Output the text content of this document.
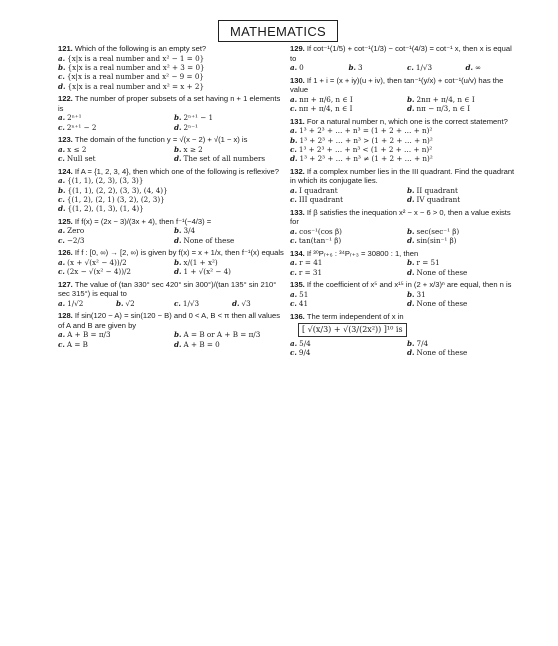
MATHEMATICS
121. Which of the following is an empty set?
a. {x|x is a real number and x² − 1 = 0}
b. {x|x is a real number and x² + 3 = 0}
c. {x|x is a real number and x² − 9 = 0}
d. {x|x is a real number and x² = x + 2}
122. The number of proper subsets of a set having n + 1 elements is
a. 2ⁿ⁺¹	b. 2ⁿ⁺¹ − 1
c. 2ⁿ⁺¹ − 2	d. 2ⁿ⁻¹
123. The domain of the function y = √(x − 2) + √(1 − x) is
a. x ≤ 2	b. x ≥ 2
c. Null set	d. The set of all numbers
124. If A = {1, 2, 3, 4}, then which one of the following is reflexive?
a. {(1, 1), (2, 3), (3, 3)}
b. {(1, 1), (2, 2), (3, 3), (4, 4)}
c. {(1, 2), (2, 1) (3, 2), (2, 3)}
d. {(1, 2), (1, 3), (1, 4)}
125. If f(x) = (2x − 3)/(3x + 4), then f⁻¹(−4/3) =
a. Zero	b. 3/4
c. −2/3	d. None of these
126. If f : [0, ∞) → [2, ∞) is given by f(x) = x + 1/x, then f⁻¹(x) equals
a. (x + √(x² − 4))/2	b. x/(1 + x²)
c. (2x − √(x² − 4))/2	d. 1 + √(x² − 4)
127. The value of (tan 330° sec 420° sin 300°)/(tan 135° sin 210° sec 315°) is equal to
a. 1/√2	b. √2	c. 1/√3	d. √3
128. If sin(120 − A) = sin(120 − B) and 0 < A, B < π then all values of A and B are given by
a. A + B = π/3	b. A = B or A + B = π/3
c. A = B	d. A + B = 0
129. If cot⁻¹(1/5) + cot⁻¹(1/3) − cot⁻¹(4/3) = cot⁻¹ x, then x is equal to
a. 0	b. 3	c. 1/√3	d. ∞
130. If 1 + i = (x + iy)(u + iv), then tan⁻¹(y/x) + cot⁻¹(u/v) has the value
a. nπ + π/6, n ∈ I	b. 2nπ + π/4, n ∈ I
c. nπ + π/4, n ∈ I	d. nπ − π/3, n ∈ I
131. For a natural number n, which one is the correct statement?
a. 1³ + 2³ + … + n³ = (1 + 2 + … + n)²
b. 1³ + 2³ + … + n³ > (1 + 2 + … + n)²
c. 1³ + 2³ + … + n³ < (1 + 2 + … + n)²
d. 1³ + 2³ + … + n³ ≠ (1 + 2 + … + n)²
132. If a complex number lies in the III quadrant. Find the quadrant in which its conjugate lies.
a. I quadrant	b. II quadrant
c. III quadrant	d. IV quadrant
133. If β satisfies the inequation x² − x − 6 > 0, then a value exists for
a. cos⁻¹(cos β)	b. sec(sec⁻¹ β)
c. tan(tan⁻¹ β)	d. sin(sin⁻¹ β)
134. If ³⁰Pᵣ₊₆ : ³⁴Pᵣ₊₃ = 30800 : 1, then
a. r = 41	b. r = 51
c. r = 31	d. None of these
135. If the coefficient of x⁵ and x¹⁵ in (2 + x/3)ⁿ are equal, then n is
a. 51	b. 31
c. 41	d. None of these
136. The term independent of x in
[ √(x/3) + √(3/(2x²)) ]¹⁰ is
a. 5/4	b. 7/4
c. 9/4	d. None of these
